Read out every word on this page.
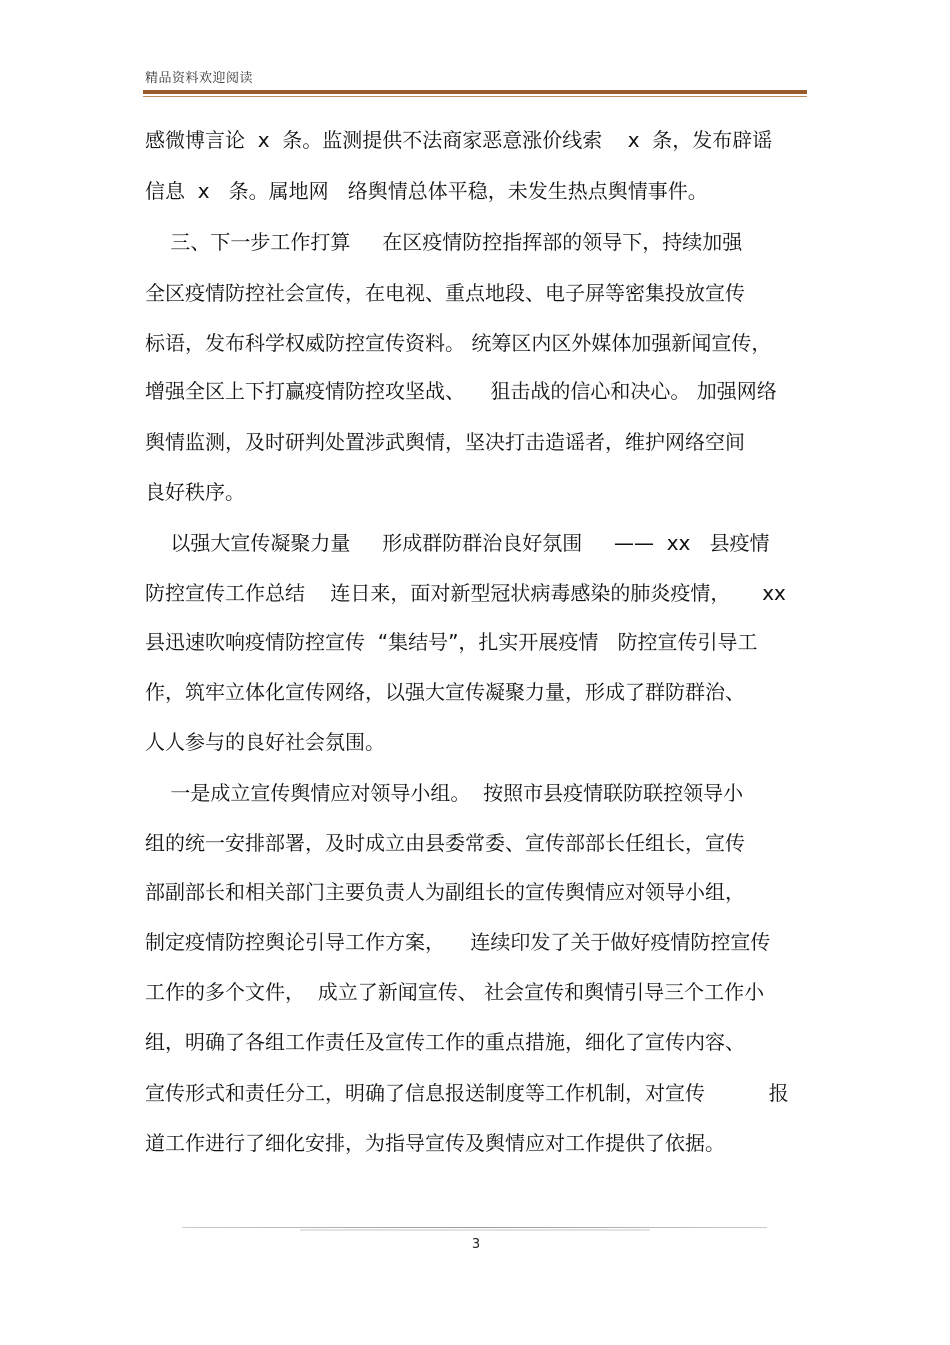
精品资料欢迎阅读
感微博言论  x  条。监测提供不法商家恶意涨价线索    x  条，发布辟谣
信息  x   条。属地网   络舆情总体平稳，未发生热点舆情事件。
三、下一步工作打算     在区疫情防控指挥部的领导下，持续加强
全区疫情防控社会宣传，在电视、重点地段、电子屏等密集投放宣传
标语，发布科学权威防控宣传资料。 统筹区内区外媒体加强新闻宣传，
增强全区上下打赢疫情防控攻坚战、    狙击战的信心和决心。 加强网络
舆情监测，及时研判处置涉武舆情，坚决打击造谣者，维护网络空间
良好秩序。
以强大宣传凝聚力量     形成群防群治良好氛围     ——  xx   县疫情
防控宣传工作总结    连日来，面对新型冠状病毒感染的肺炎疫情，     xx
县迅速吹响疫情防控宣传  “集结号”，扎实开展疫情   防控宣传引导工
作，筑牢立体化宣传网络，以强大宣传凝聚力量，形成了群防群治、
人人参与的良好社会氛围。
一是成立宣传舆情应对领导小组。  按照市县疫情联防联控领导小
组的统一安排部署，及时成立由县委常委、宣传部部长任组长，宣传
部副部长和相关部门主要负责人为副组长的宣传舆情应对领导小组，
制定疫情防控舆论引导工作方案，    连续印发了关于做好疫情防控宣传
工作的多个文件，  成立了新闻宣传、 社会宣传和舆情引导三个工作小
组，明确了各组工作责任及宣传工作的重点措施，细化了宣传内容、
宣传形式和责任分工，明确了信息报送制度等工作机制，对宣传          报
道工作进行了细化安排，为指导宣传及舆情应对工作提供了依据。
3
